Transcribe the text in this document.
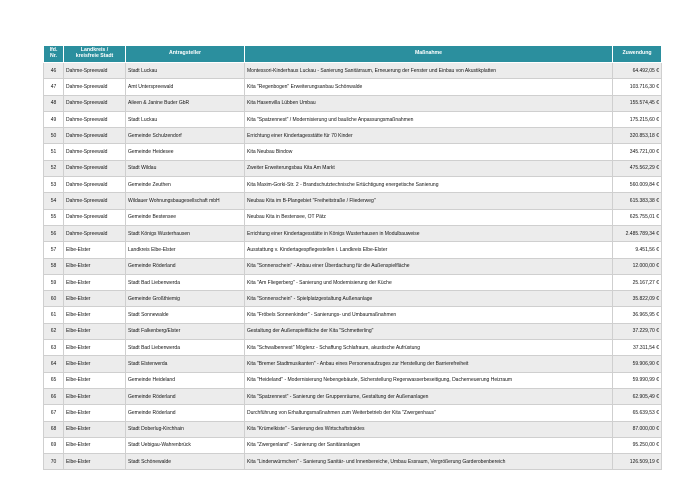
lfd. Nr.	Landkreis /
kreisfreie Stadt	Antragsteller	Maßnahme	Zuwendung
46	Dahme-Spreewald	Stadt Luckau	Montessori-Kinderhaus Luckau - Sanierung Sanitärraum, Erneuerung der Fenster und Einbau von Akustikplatten	64.492,05 €
47	Dahme-Spreewald	Amt Unterspreewald	Kita "Regenbogen" Erweiterungsanbau Schönwalde	103.716,30 €
48	Dahme-Spreewald	Aileen & Janine Buder GbR	Kita Hasenvilla Lübben Umbau	155.574,45 €
49	Dahme-Spreewald	Stadt Luckau	Kita "Spatzennest" / Modernisierung und bauliche Anpassungsmaßnahmen	175.215,60 €
50	Dahme-Spreewald	Gemeinde Schulzendorf	Errichtung einer Kindertagesstätte für 70 Kinder	320.853,18 €
51	Dahme-Spreewald	Gemeinde Heidesee	Kita Neubau Bindow	345.721,00 €
52	Dahme-Spreewald	Stadt Wildau	Zweiter Erweiterungsbau Kita Am Markt	475.562,29 €
53	Dahme-Spreewald	Gemeinde Zeuthen	Kita Maxim-Gorki-Str. 2 - Brandschutztechnische Ertüchtigung energetische Sanierung	560.009,84 €
54	Dahme-Spreewald	Wildauer Wohnungsbaugesellschaft mbH	Neubau Kita im B-Plangebiet "Freiheitstraße / Fliederweg"	615.383,38 €
55	Dahme-Spreewald	Gemeinde Bestensee	Neubau Kita in Bestensee, OT Pätz	625.755,01 €
56	Dahme-Spreewald	Stadt Königs Wusterhausen	Errichtung einer Kindertagesstätte in Königs Wusterhausen in Modulbauweise	2.485.789,34 €
57	Elbe-Elster	Landkreis Elbe-Elster	Ausstattung v. Kindertagespflegestellen i. Landkreis Elbe-Elster	9.451,56 €
58	Elbe-Elster	Gemeinde Röderland	Kita "Sonnenschein" - Anbau einer Überdachung für die Außenspielfläche	12.000,00 €
59	Elbe-Elster	Stadt Bad Liebenwerda	Kita "Am Fliegerberg" - Sanierung und Modernisierung der Küche	25.167,27 €
60	Elbe-Elster	Gemeinde Großthiemig	Kita "Sonnenschein" - Spielplatzgestaltung Außenanlage	35.822,09 €
61	Elbe-Elster	Stadt Sonnewalde	Kita "Fröbels Sonnenkinder" - Sanierungs- und Umbaumaßnahmen	36.965,95 €
62	Elbe-Elster	Stadt Falkenberg/Elster	Gestaltung der Außenspielfläche der Kita "Schmetterling"	37.229,70 €
63	Elbe-Elster	Stadt Bad Liebenwerda	Kita "Schwalbennest" Möglenz - Schaffung Schlafraum, akustische Aufrüstung	37.311,54 €
64	Elbe-Elster	Stadt Elsterwerda	Kita "Bremer Stadtmusikanten" - Anbau eines Personenaufzuges zur Herstellung der Barrierefreiheit	59.906,90 €
65	Elbe-Elster	Gemeinde Heideland	Kita "Heideland" - Modernisierung Nebengebäude, Sicherstellung Regenwasserbeseitigung, Dacherneuerung Heizraum	59.990,99 €
66	Elbe-Elster	Gemeinde Röderland	Kita "Spatzennest" - Sanierung der Gruppenräume, Gestaltung der Außenanlagen	62.905,49 €
67	Elbe-Elster	Gemeinde Röderland	Durchführung von Erhaltungsmaßnahmen zum Weiterbetrieb der Kita "Zwergenhaus"	65.639,53 €
68	Elbe-Elster	Stadt Doberlug-Kirchhain	Kita "Krümelkiste" - Sanierung des Wirtschaftstraktes	87.000,00 €
69	Elbe-Elster	Stadt Uebigau-Wahrenbrück	Kita "Zwergenland" - Sanierung der Sanitäranlagen	95.250,00 €
70	Elbe-Elster	Stadt Schönewalde	Kita "Lindenwürmchen" - Sanierung Sanitär- und Innenbereiche, Umbau Essraum, Vergrößerung Garderobenbereich	126.509,19 €
